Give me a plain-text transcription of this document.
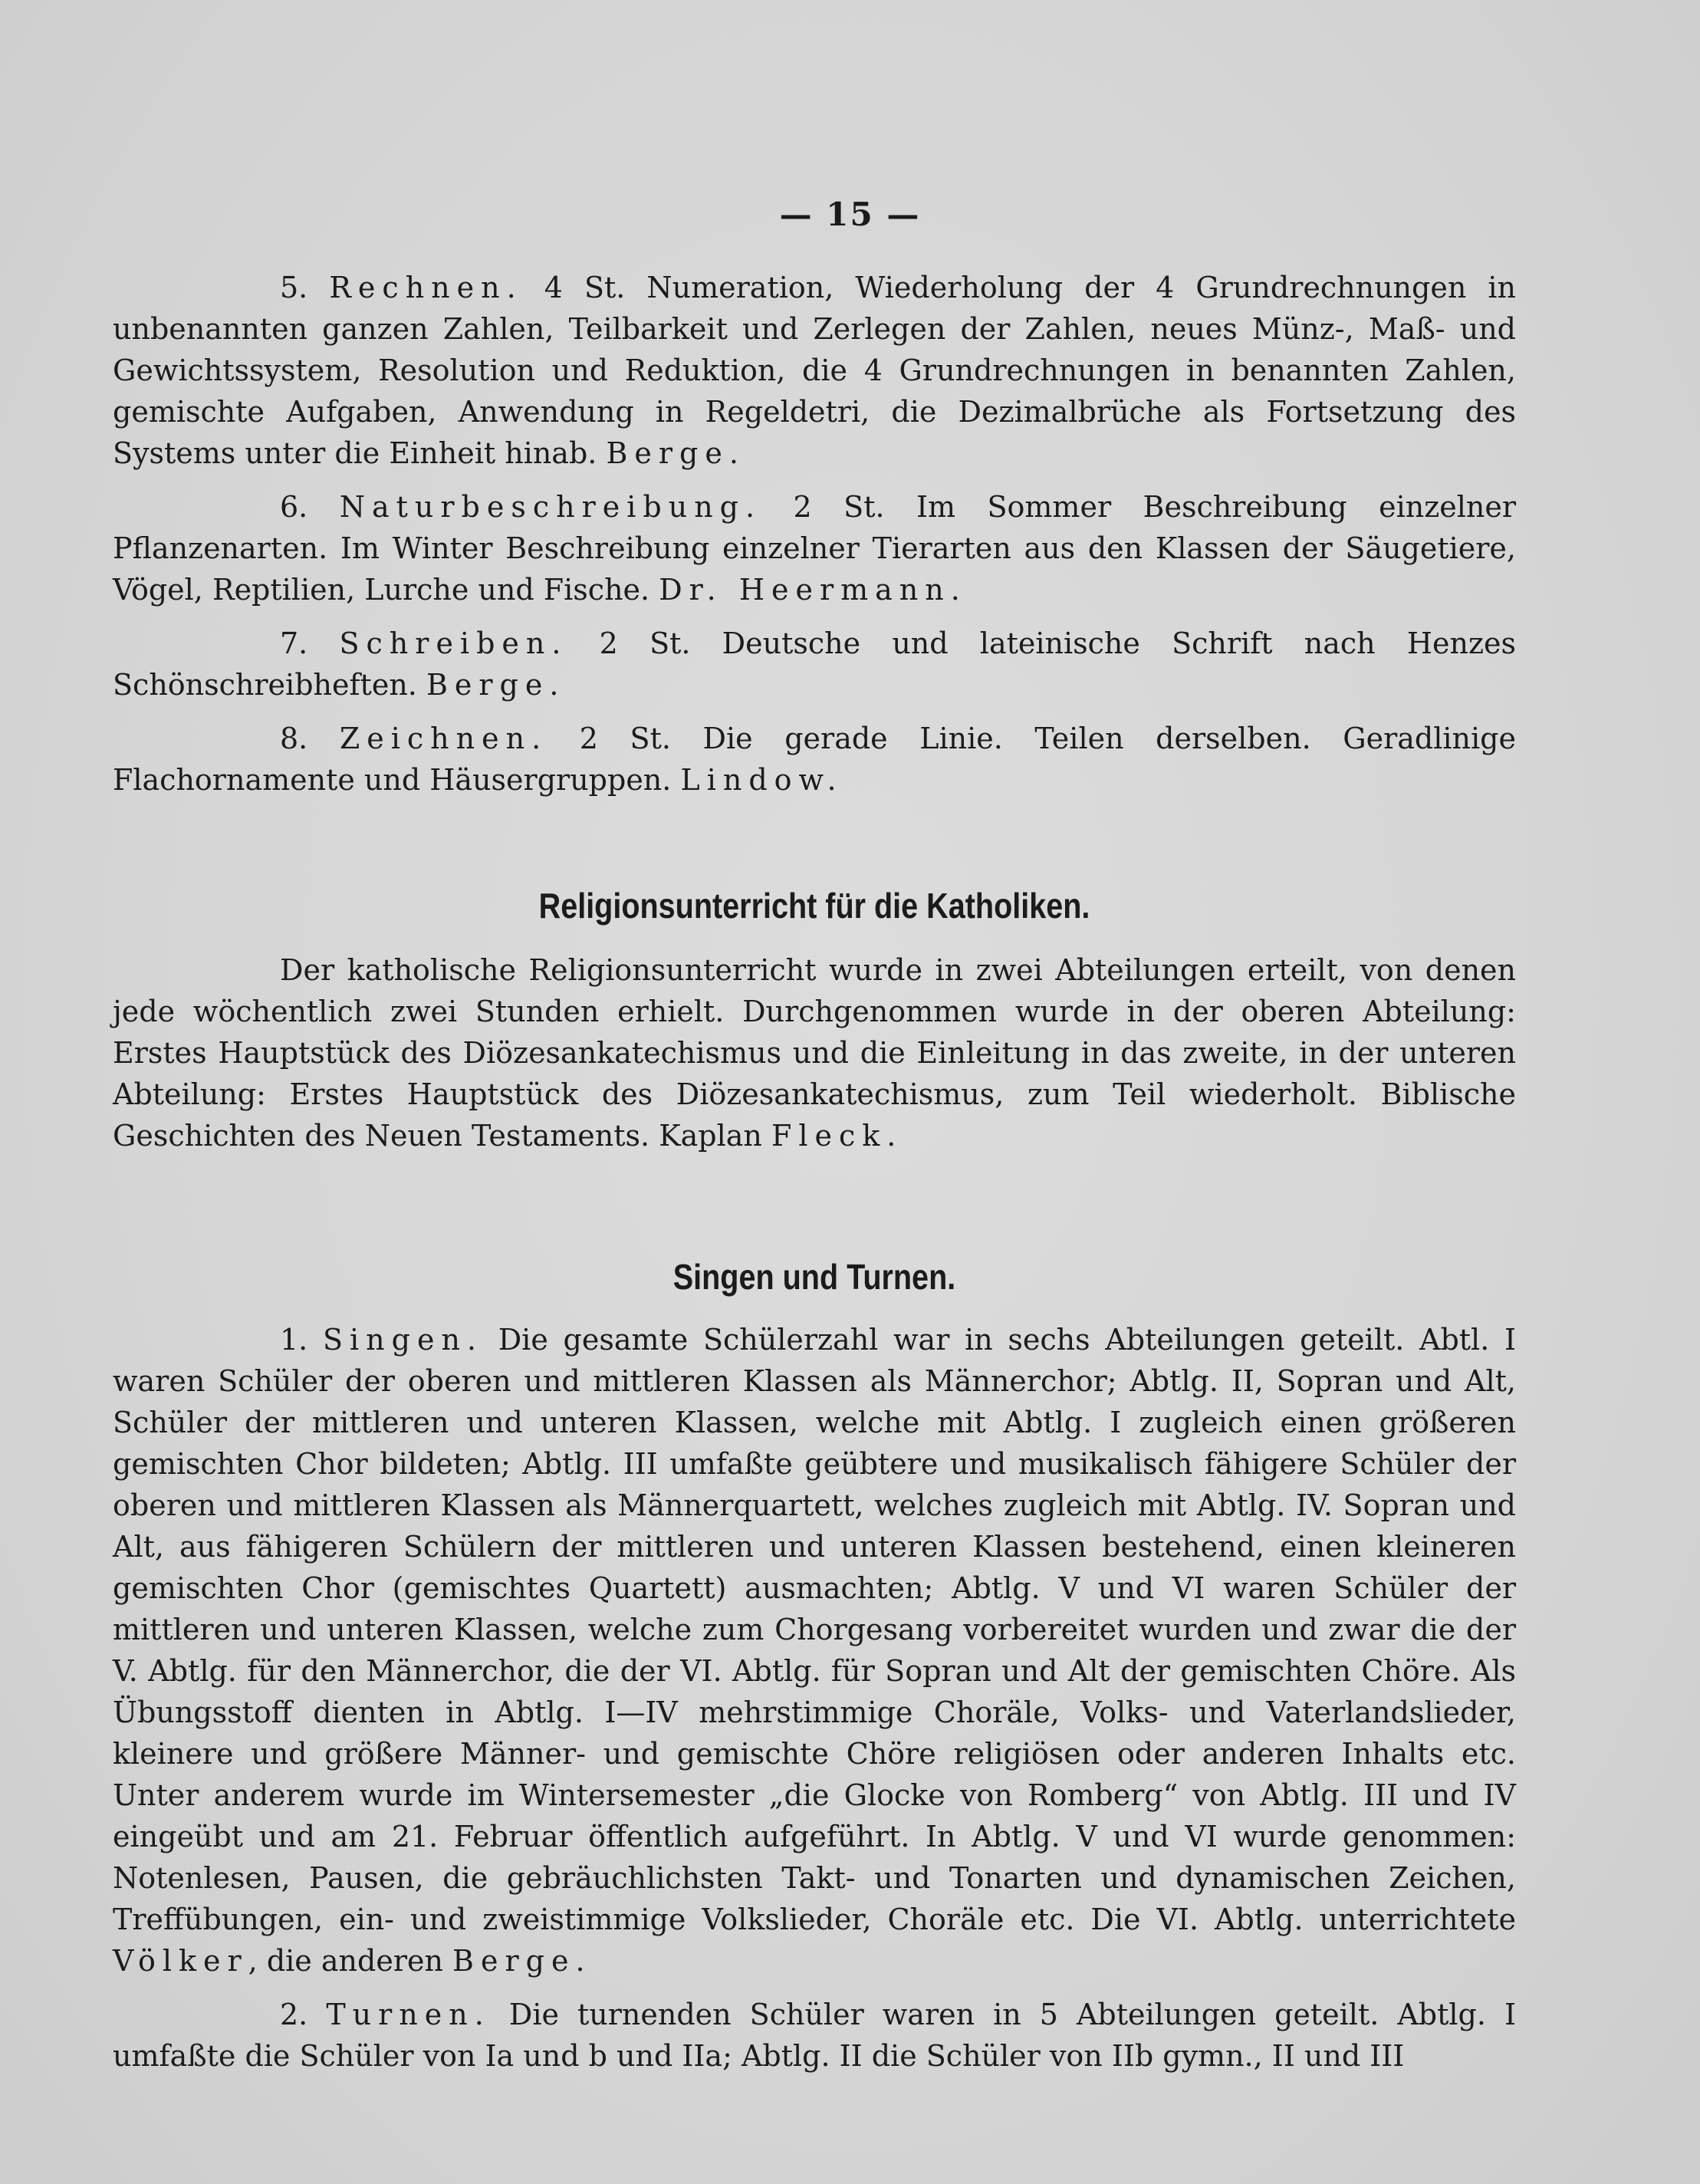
— 15 —

5. Rechnen. 4 St. Numeration, Wiederholung der 4 Grundrechnungen in unbenannten ganzen Zahlen, Teilbarkeit und Zerlegen der Zahlen, neues Münz-, Maß- und Gewichtssystem, Resolution und Reduktion, die 4 Grundrechnungen in benannten Zahlen, gemischte Aufgaben, Anwendung in Regeldetri, die Dezimalbrüche als Fortsetzung des Systems unter die Einheit hinab. Berge.

6. Naturbeschreibung. 2 St. Im Sommer Beschreibung einzelner Pflanzenarten. Im Winter Beschreibung einzelner Tierarten aus den Klassen der Säugetiere, Vögel, Reptilien, Lurche und Fische. Dr. Heermann.

7. Schreiben. 2 St. Deutsche und lateinische Schrift nach Henzes Schönschreibheften. Berge.

8. Zeichnen. 2 St. Die gerade Linie. Teilen derselben. Geradlinige Flachornamente und Häusergruppen. Lindow.

Religionsunterricht für die Katholiken.

Der katholische Religionsunterricht wurde in zwei Abteilungen erteilt, von denen jede wöchentlich zwei Stunden erhielt. Durchgenommen wurde in der oberen Abteilung: Erstes Hauptstück des Diözesankatechismus und die Einleitung in das zweite, in der unteren Abteilung: Erstes Hauptstück des Diözesankatechismus, zum Teil wiederholt. Biblische Geschichten des Neuen Testaments. Kaplan Fleck.

Singen und Turnen.

1. Singen. Die gesamte Schülerzahl war in sechs Abteilungen geteilt. Abtl. I waren Schüler der oberen und mittleren Klassen als Männerchor; Abtlg. II, Sopran und Alt, Schüler der mittleren und unteren Klassen, welche mit Abtlg. I zugleich einen größeren gemischten Chor bildeten; Abtlg. III umfaßte geübtere und musikalisch fähigere Schüler der oberen und mittleren Klassen als Männerquartett, welches zugleich mit Abtlg. IV. Sopran und Alt, aus fähigeren Schülern der mittleren und unteren Klassen bestehend, einen kleineren gemischten Chor (gemischtes Quartett) ausmachten; Abtlg. V und VI waren Schüler der mittleren und unteren Klassen, welche zum Chorgesang vorbereitet wurden und zwar die der V. Abtlg. für den Männerchor, die der VI. Abtlg. für Sopran und Alt der gemischten Chöre. Als Übungsstoff dienten in Abtlg. I—IV mehrstimmige Choräle, Volks- und Vaterlandslieder, kleinere und größere Männer- und gemischte Chöre religiösen oder anderen Inhalts etc. Unter anderem wurde im Wintersemester „die Glocke von Romberg“ von Abtlg. III und IV eingeübt und am 21. Februar öffentlich aufgeführt. In Abtlg. V und VI wurde genommen: Notenlesen, Pausen, die gebräuchlichsten Takt- und Tonarten und dynamischen Zeichen, Treffübungen, ein- und zweistimmige Volkslieder, Choräle etc. Die VI. Abtlg. unterrichtete Völker, die anderen Berge.

2. Turnen. Die turnenden Schüler waren in 5 Abteilungen geteilt. Abtlg. I umfaßte die Schüler von Ia und b und IIa; Abtlg. II die Schüler von IIb gymn., II und III
